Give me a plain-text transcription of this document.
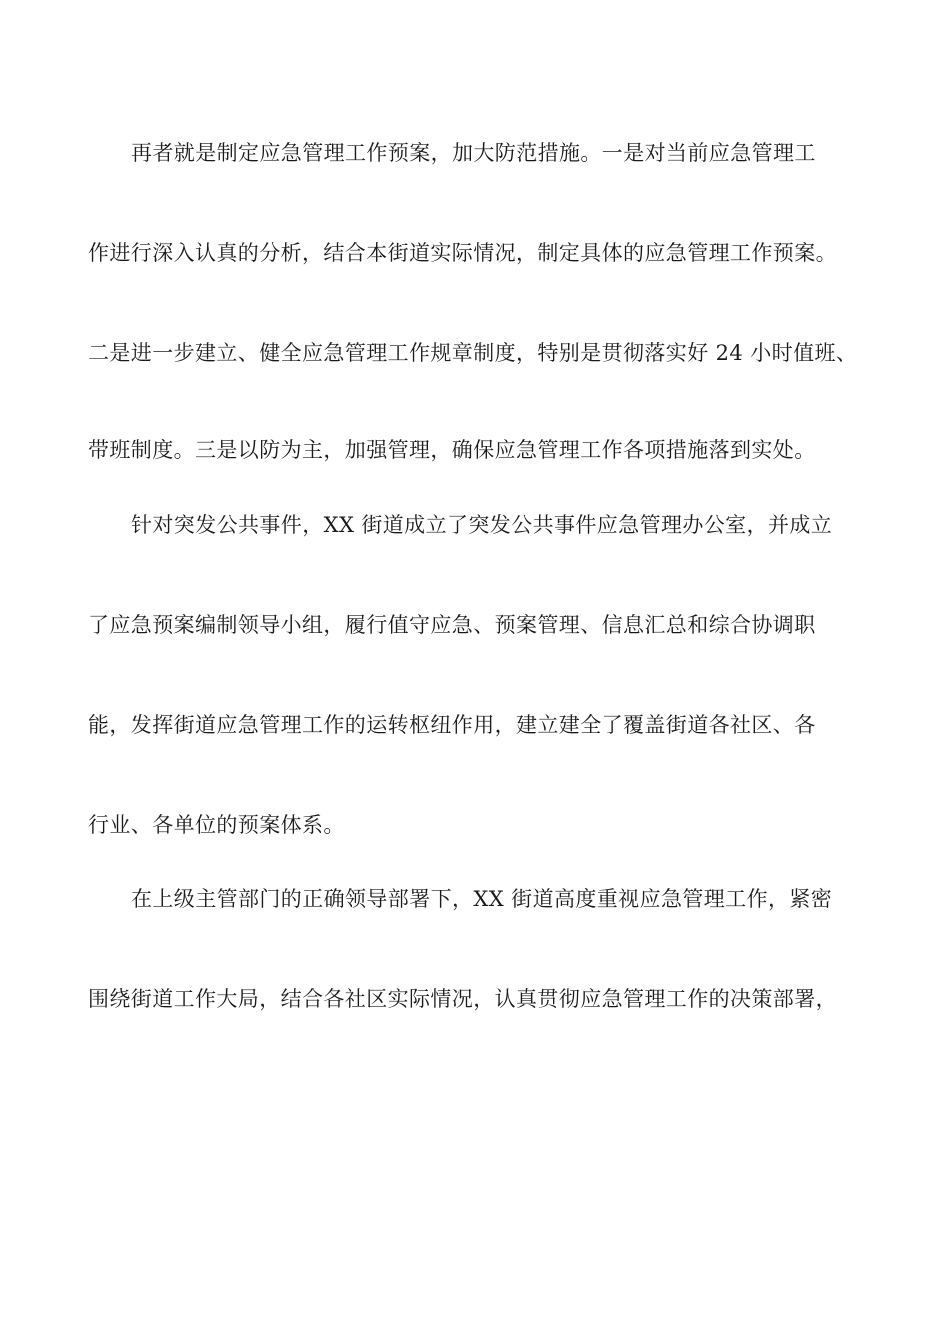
再者就是制定应急管理工作预案，加大防范措施。一是对当前应急管理工
作进行深入认真的分析，结合本街道实际情况，制定具体的应急管理工作预案。
二是进一步建立、健全应急管理工作规章制度，特别是贯彻落实好 24 小时值班、
带班制度。三是以防为主，加强管理，确保应急管理工作各项措施落到实处。
针对突发公共事件，XX 街道成立了突发公共事件应急管理办公室，并成立
了应急预案编制领导小组，履行值守应急、预案管理、信息汇总和综合协调职
能，发挥街道应急管理工作的运转枢纽作用，建立建全了覆盖街道各社区、各
行业、各单位的预案体系。
在上级主管部门的正确领导部署下，XX 街道高度重视应急管理工作，紧密
围绕街道工作大局，结合各社区实际情况，认真贯彻应急管理工作的决策部署，
